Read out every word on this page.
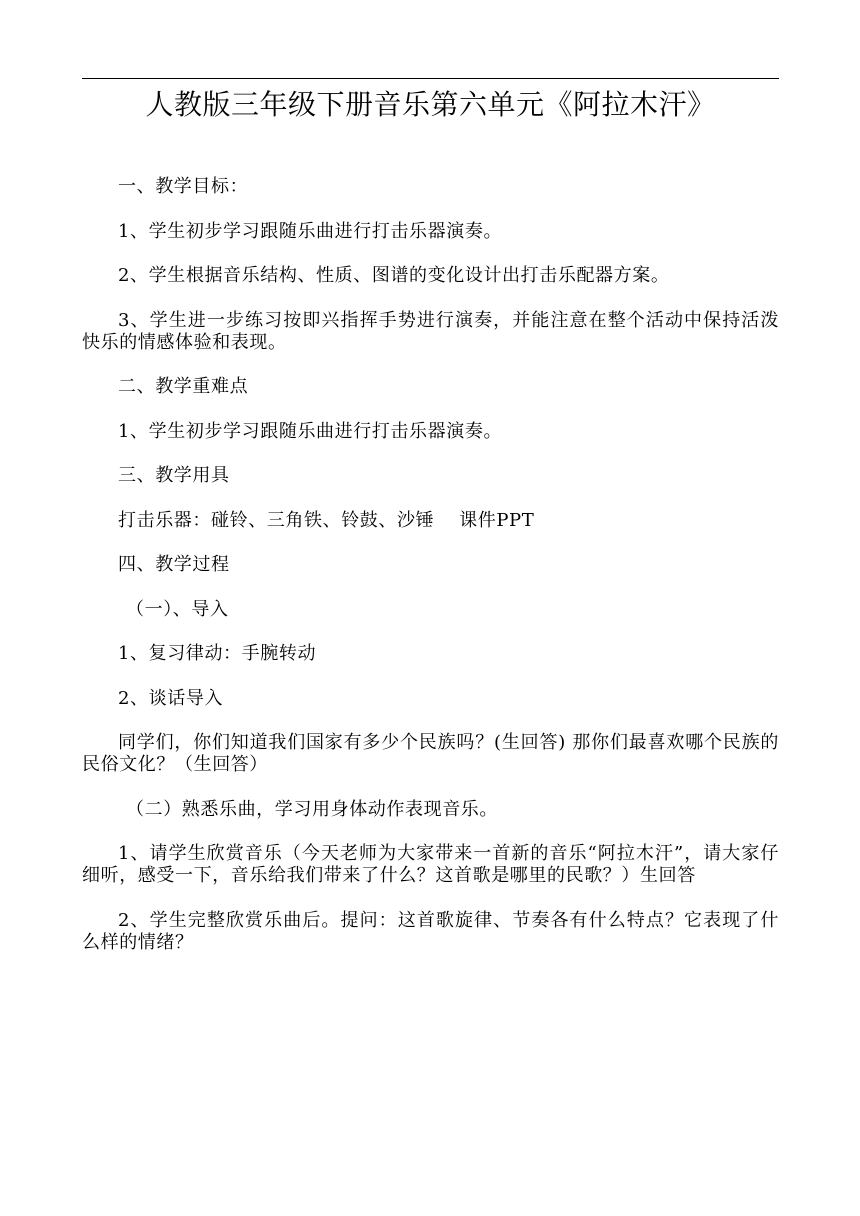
人教版三年级下册音乐第六单元《阿拉木汗》

一、教学目标：

1、学生初步学习跟随乐曲进行打击乐器演奏。

2、学生根据音乐结构、性质、图谱的变化设计出打击乐配器方案。

3、学生进一步练习按即兴指挥手势进行演奏，并能注意在整个活动中保持活泼快乐的情感体验和表现。

二、教学重难点

1、学生初步学习跟随乐曲进行打击乐器演奏。

三、教学用具

打击乐器：碰铃、三角铁、铃鼓、沙锤　 课件PPT

四、教学过程

（一）、导入

1、复习律动：手腕转动

2、谈话导入

同学们，你们知道我们国家有多少个民族吗？(生回答) 那你们最喜欢哪个民族的民俗文化？（生回答）

（二）熟悉乐曲，学习用身体动作表现音乐。

1、请学生欣赏音乐（今天老师为大家带来一首新的音乐“阿拉木汗”，请大家仔细听，感受一下，音乐给我们带来了什么？这首歌是哪里的民歌？）生回答

2、学生完整欣赏乐曲后。提问：这首歌旋律、节奏各有什么特点？它表现了什么样的情绪？
